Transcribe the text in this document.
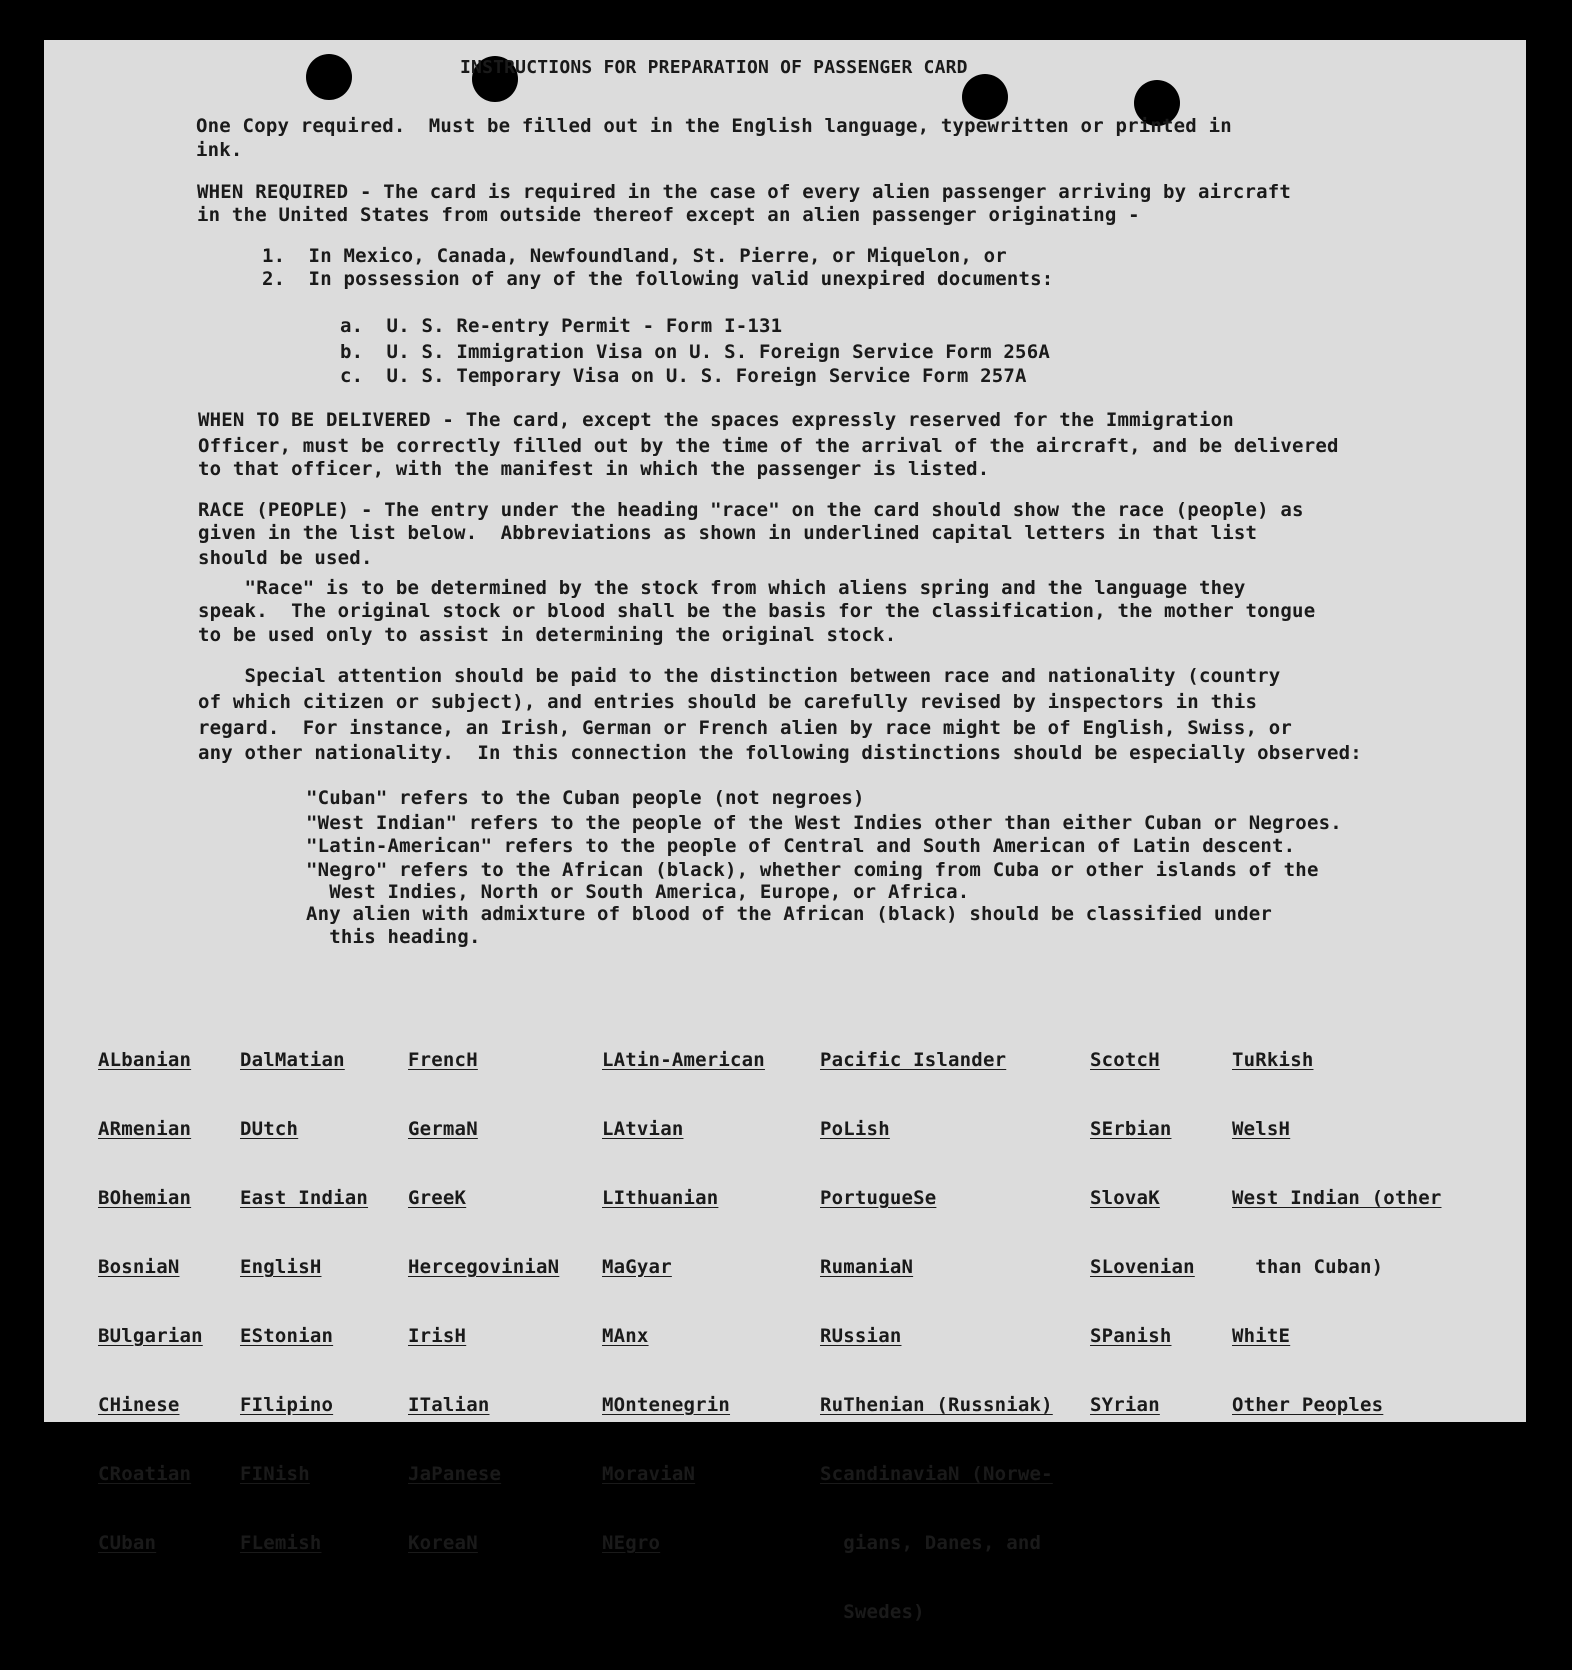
INSTRUCTIONS FOR PREPARATION OF PASSENGER CARD
One Copy required.  Must be filled out in the English language, typewritten or printed in
ink.
WHEN REQUIRED - The card is required in the case of every alien passenger arriving by aircraft
in the United States from outside thereof except an alien passenger originating -
1.  In Mexico, Canada, Newfoundland, St. Pierre, or Miquelon, or
2.  In possession of any of the following valid unexpired documents:
a.  U. S. Re-entry Permit - Form I-131
b.  U. S. Immigration Visa on U. S. Foreign Service Form 256A
c.  U. S. Temporary Visa on U. S. Foreign Service Form 257A
WHEN TO BE DELIVERED - The card, except the spaces expressly reserved for the Immigration
Officer, must be correctly filled out by the time of the arrival of the aircraft, and be delivered
to that officer, with the manifest in which the passenger is listed.
RACE (PEOPLE) - The entry under the heading "race" on the card should show the race (people) as
given in the list below.  Abbreviations as shown in underlined capital letters in that list
should be used.
"Race" is to be determined by the stock from which aliens spring and the language they
speak.  The original stock or blood shall be the basis for the classification, the mother tongue
to be used only to assist in determining the original stock.
Special attention should be paid to the distinction between race and nationality (country
of which citizen or subject), and entries should be carefully revised by inspectors in this
regard.  For instance, an Irish, German or French alien by race might be of English, Swiss, or
any other nationality.  In this connection the following distinctions should be especially observed:
"Cuban" refers to the Cuban people (not negroes)
"West Indian" refers to the people of the West Indies other than either Cuban or Negroes.
"Latin-American" refers to the people of Central and South American of Latin descent.
"Negro" refers to the African (black), whether coming from Cuba or other islands of the
West Indies, North or South America, Europe, or Africa.
Any alien with admixture of blood of the African (black) should be classified under
this heading.

ALbanian

ARmenian

BOhemian

BosniaN

BUlgarian

CHinese

CRoatian

CUban

DalMatian

DUtch

East Indian

EnglisH

EStonian

FIlipino

FINish

FLemish

FrencH

GermaN

GreeK

HercegoviniaN

IrisH

ITalian

JaPanese

KoreaN

LAtin-American

LAtvian

LIthuanian

MaGyar

MAnx

MOntenegrin

MoraviaN

NEgro

Pacific Islander

PoLish

PortugueSe

RumaniaN

RUssian

RuThenian (Russniak)

ScandinaviaN (Norwe-

gians, Danes, and

Swedes)

ScotcH

SErbian

SlovaK

SLovenian

SPanish

SYrian

TuRkish

WelsH

West Indian (other

than Cuban)

WhitE

Other Peoples
